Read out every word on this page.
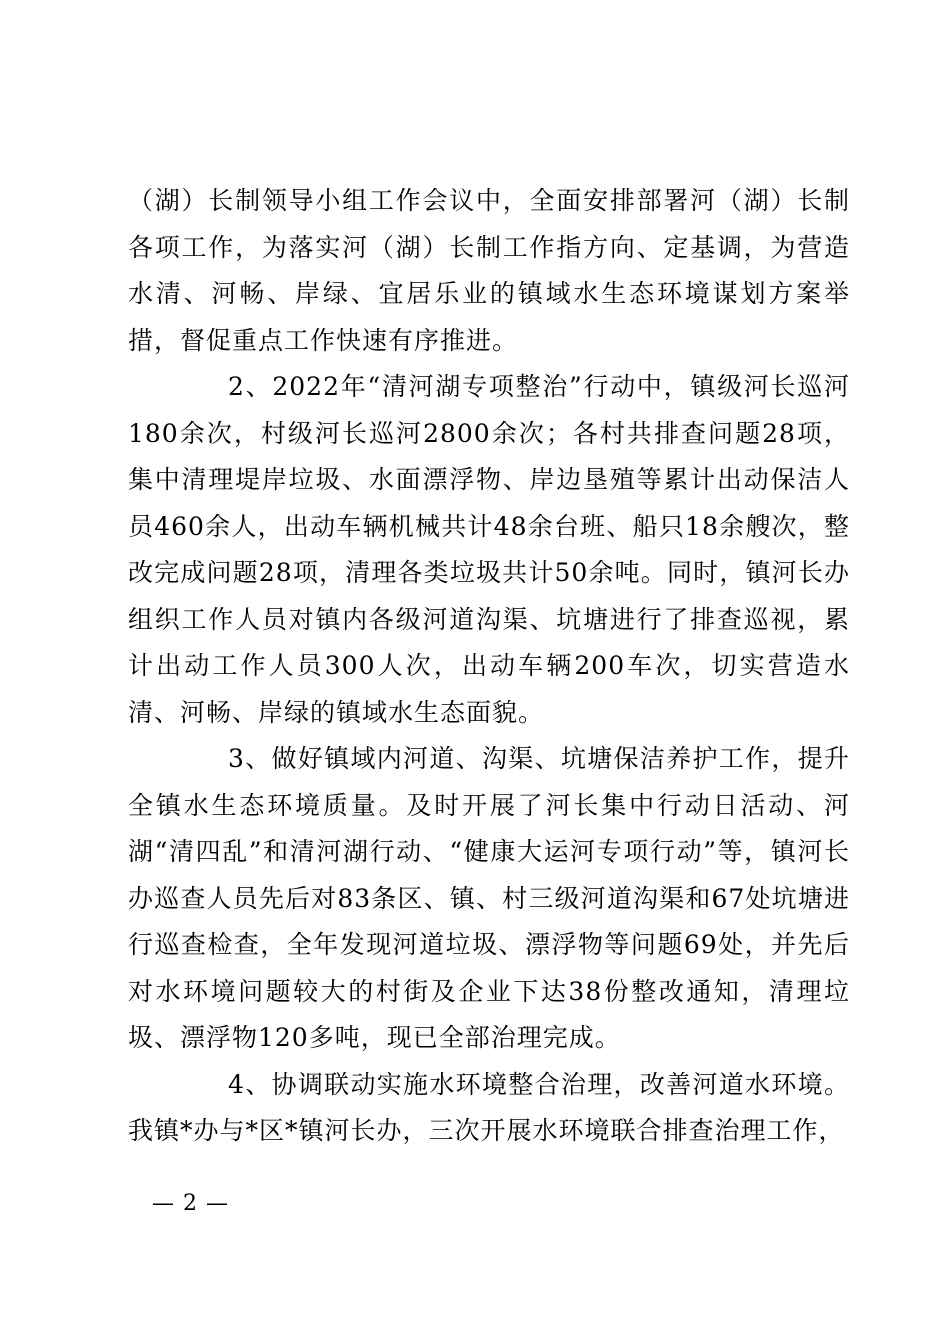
（湖）长制领导小组工作会议中，全面安排部署河（湖）长制各项工作，为落实河（湖）长制工作指方向、定基调，为营造水清、河畅、岸绿、宜居乐业的镇域水生态环境谋划方案举措，督促重点工作快速有序推进。

2、2022年“清河湖专项整治”行动中，镇级河长巡河180余次，村级河长巡河2800余次；各村共排查问题28项，集中清理堤岸垃圾、水面漂浮物、岸边垦殖等累计出动保洁人员460余人，出动车辆机械共计48余台班、船只18余艘次，整改完成问题28项，清理各类垃圾共计50余吨。同时，镇河长办组织工作人员对镇内各级河道沟渠、坑塘进行了排查巡视，累计出动工作人员300人次，出动车辆200车次，切实营造水清、河畅、岸绿的镇域水生态面貌。

3、做好镇域内河道、沟渠、坑塘保洁养护工作，提升全镇水生态环境质量。及时开展了河长集中行动日活动、河湖“清四乱”和清河湖行动、“健康大运河专项行动”等，镇河长办巡查人员先后对83条区、镇、村三级河道沟渠和67处坑塘进行巡查检查，全年发现河道垃圾、漂浮物等问题69处，并先后对水环境问题较大的村街及企业下达38份整改通知，清理垃圾、漂浮物120多吨，现已全部治理完成。

4、协调联动实施水环境整合治理，改善河道水环境。我镇*办与*区*镇河长办，三次开展水环境联合排查治理工作，

— 2 —
